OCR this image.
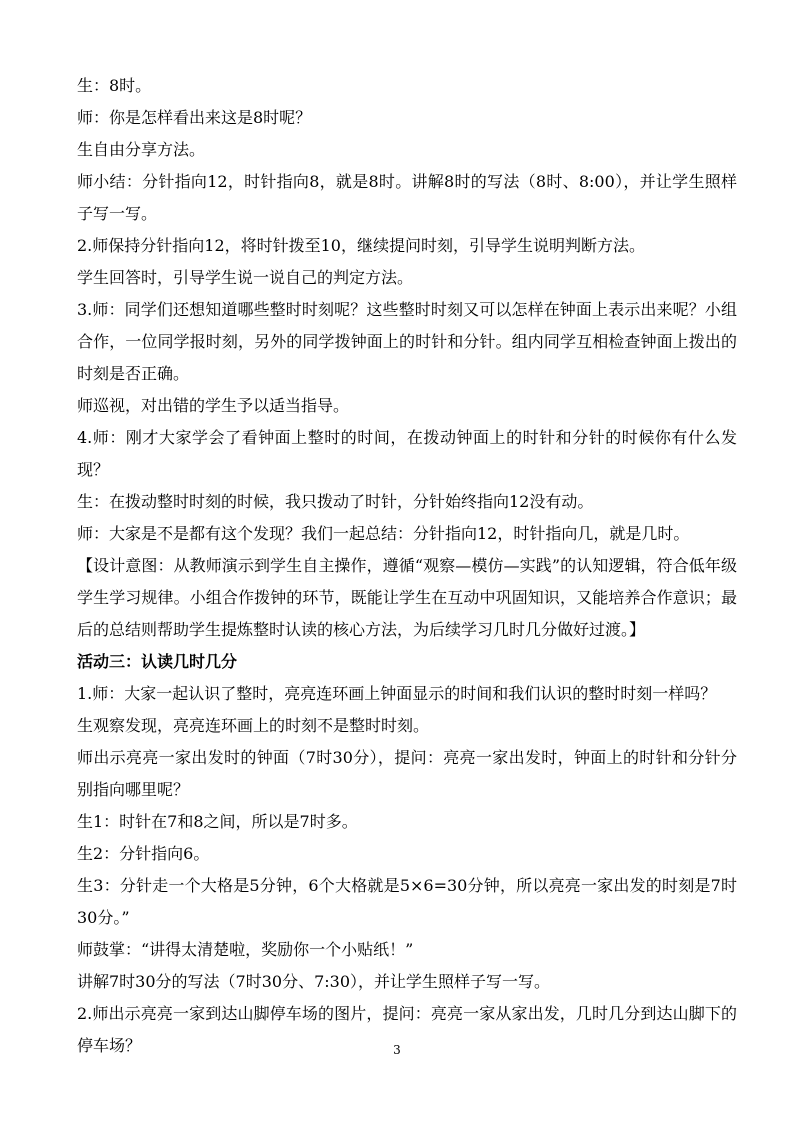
生：8时。

师：你是怎样看出来这是8时呢？

生自由分享方法。

师小结：分针指向12，时针指向8，就是8时。讲解8时的写法（8时、8:00），并让学生照样子写一写。

2.师保持分针指向12，将时针拨至10，继续提问时刻，引导学生说明判断方法。

学生回答时，引导学生说一说自己的判定方法。

3.师：同学们还想知道哪些整时时刻呢？这些整时时刻又可以怎样在钟面上表示出来呢？小组合作，一位同学报时刻，另外的同学拨钟面上的时针和分针。组内同学互相检查钟面上拨出的时刻是否正确。

师巡视，对出错的学生予以适当指导。

4.师：刚才大家学会了看钟面上整时的时间，在拨动钟面上的时针和分针的时候你有什么发现？

生：在拨动整时时刻的时候，我只拨动了时针，分针始终指向12没有动。

师：大家是不是都有这个发现？我们一起总结：分针指向12，时针指向几，就是几时。

【设计意图：从教师演示到学生自主操作，遵循“观察—模仿—实践”的认知逻辑，符合低年级学生学习规律。小组合作拨钟的环节，既能让学生在互动中巩固知识，又能培养合作意识；最后的总结则帮助学生提炼整时认读的核心方法，为后续学习几时几分做好过渡。】

活动三：认读几时几分

1.师：大家一起认识了整时，亮亮连环画上钟面显示的时间和我们认识的整时时刻一样吗？

生观察发现，亮亮连环画上的时刻不是整时时刻。

师出示亮亮一家出发时的钟面（7时30分），提问：亮亮一家出发时，钟面上的时针和分针分别指向哪里呢？

生1：时针在7和8之间，所以是7时多。

生2：分针指向6。

生3：分针走一个大格是5分钟，6个大格就是5×6=30分钟，所以亮亮一家出发的时刻是7时30分。”

师鼓掌：“讲得太清楚啦，奖励你一个小贴纸！”

讲解7时30分的写法（7时30分、7:30），并让学生照样子写一写。

2.师出示亮亮一家到达山脚停车场的图片，提问：亮亮一家从家出发，几时几分到达山脚下的停车场？	3
